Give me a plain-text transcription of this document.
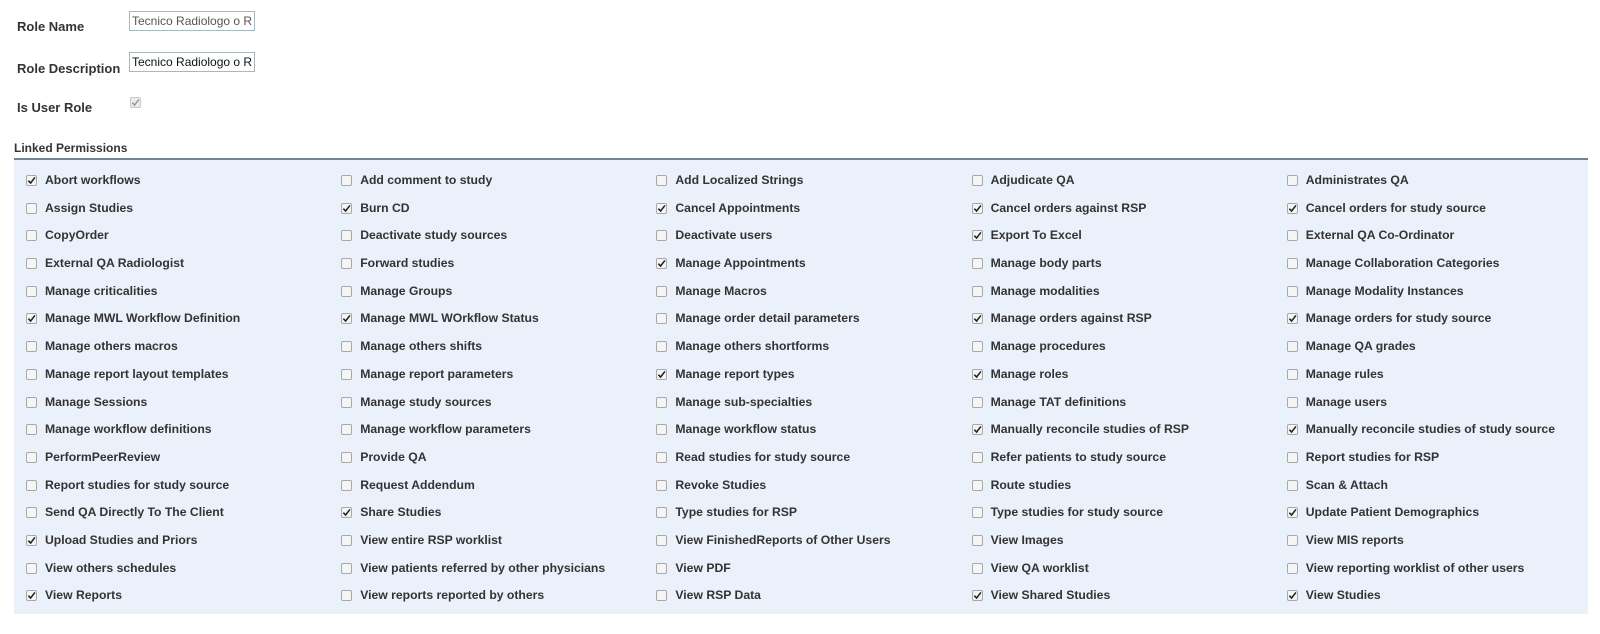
Role Name
Tecnico Radiologo o Re
Role Description
Tecnico Radiologo o Re
Is User Role
Linked Permissions
Abort workflows	Add comment to study	Add Localized Strings	Adjudicate QA	Administrates QA
Assign Studies	Burn CD	Cancel Appointments	Cancel orders against RSP	Cancel orders for study source
CopyOrder	Deactivate study sources	Deactivate users	Export To Excel	External QA Co-Ordinator
External QA Radiologist	Forward studies	Manage Appointments	Manage body parts	Manage Collaboration Categories
Manage criticalities	Manage Groups	Manage Macros	Manage modalities	Manage Modality Instances
Manage MWL Workflow Definition	Manage MWL WOrkflow Status	Manage order detail parameters	Manage orders against RSP	Manage orders for study source
Manage others macros	Manage others shifts	Manage others shortforms	Manage procedures	Manage QA grades
Manage report layout templates	Manage report parameters	Manage report types	Manage roles	Manage rules
Manage Sessions	Manage study sources	Manage sub-specialties	Manage TAT definitions	Manage users
Manage workflow definitions	Manage workflow parameters	Manage workflow status	Manually reconcile studies of RSP	Manually reconcile studies of study source
PerformPeerReview	Provide QA	Read studies for study source	Refer patients to study source	Report studies for RSP
Report studies for study source	Request Addendum	Revoke Studies	Route studies	Scan & Attach
Send QA Directly To The Client	Share Studies	Type studies for RSP	Type studies for study source	Update Patient Demographics
Upload Studies and Priors	View entire RSP worklist	View FinishedReports of Other Users	View Images	View MIS reports
View others schedules	View patients referred by other physicians	View PDF	View QA worklist	View reporting worklist of other users
View Reports	View reports reported by others	View RSP Data	View Shared Studies	View Studies
